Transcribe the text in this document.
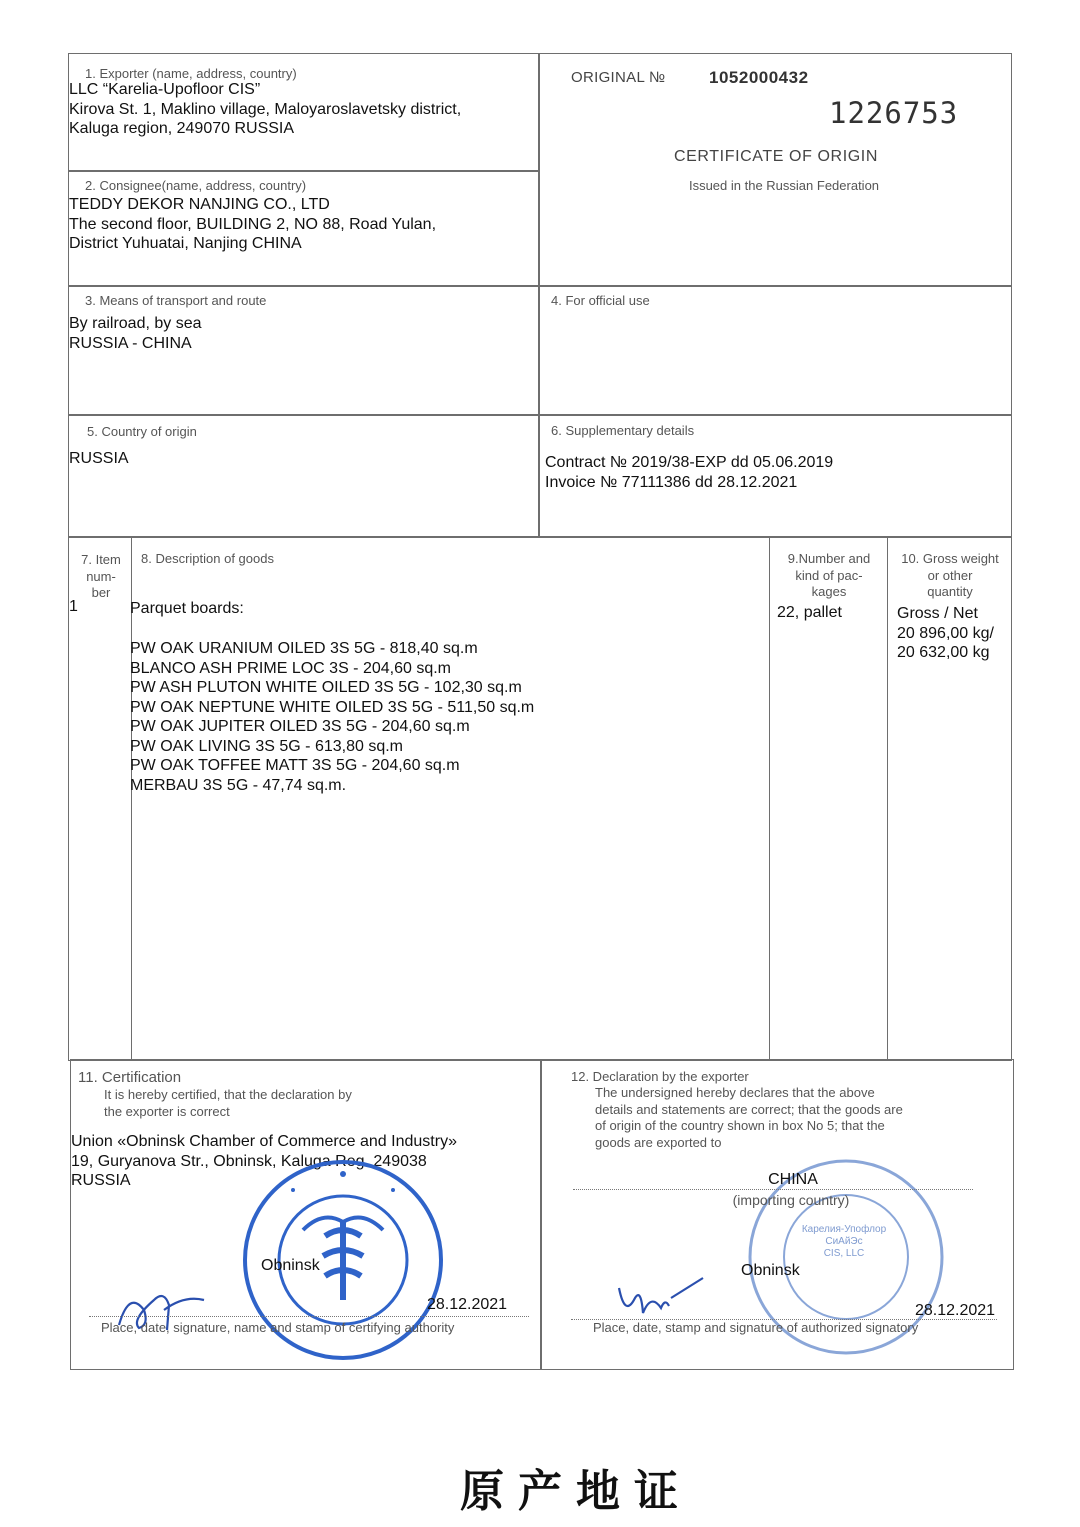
1. Exporter (name, address, country)
LLC “Karelia-Upofloor CIS”
Kirova St. 1, Maklino village, Maloyaroslavetsky district,
Kaluga region, 249070 RUSSIA
2. Consignee(name, address, country)
TEDDY DEKOR NANJING CO., LTD
The second floor, BUILDING 2, NO 88, Road Yulan,
District Yuhuatai, Nanjing CHINA
ORIGINAL №	1052000432
1226753
CERTIFICATE OF ORIGIN
Issued in the Russian Federation
3. Means of transport and route
By railroad, by sea
RUSSIA - CHINA
4. For official use
5. Country of origin
RUSSIA
6. Supplementary details
Contract № 2019/38-EXP dd 05.06.2019
Invoice № 77111386 dd 28.12.2021
7. Item
num-
ber
1
8. Description of goods
Parquet boards:
PW OAK URANIUM OILED 3S 5G - 818,40 sq.m
BLANCO ASH PRIME LOC 3S - 204,60 sq.m
PW ASH PLUTON WHITE OILED 3S 5G - 102,30 sq.m
PW OAK NEPTUNE WHITE OILED 3S 5G - 511,50 sq.m
PW OAK JUPITER OILED 3S 5G - 204,60 sq.m
PW OAK LIVING 3S 5G - 613,80 sq.m
PW OAK TOFFEE MATT 3S 5G - 204,60 sq.m
MERBAU 3S 5G - 47,74 sq.m.
9.Number and
kind of pac-
kages
22, pallet
10. Gross weight
or other
quantity
Gross / Net
20 896,00 kg/
20 632,00 kg
11. Certification
It is hereby certified, that the declaration by
the exporter is correct
Union «Obninsk Chamber of Commerce and Industry»
19, Guryanova Str., Obninsk, Kaluga Reg. 249038
RUSSIA
Obninsk
28.12.2021
Place, date, signature, name and stamp of certifying authority
12. Declaration by the exporter
The undersigned hereby declares that the above
details and statements are correct; that the goods are
of origin of the country shown in box No 5; that the
goods are exported to
Карелия-Упофлор
СиАйЭс
CIS, LLC
CHINA
(importing country)
Obninsk
28.12.2021
Place, date, stamp and signature of authorized signatory
原产地证
